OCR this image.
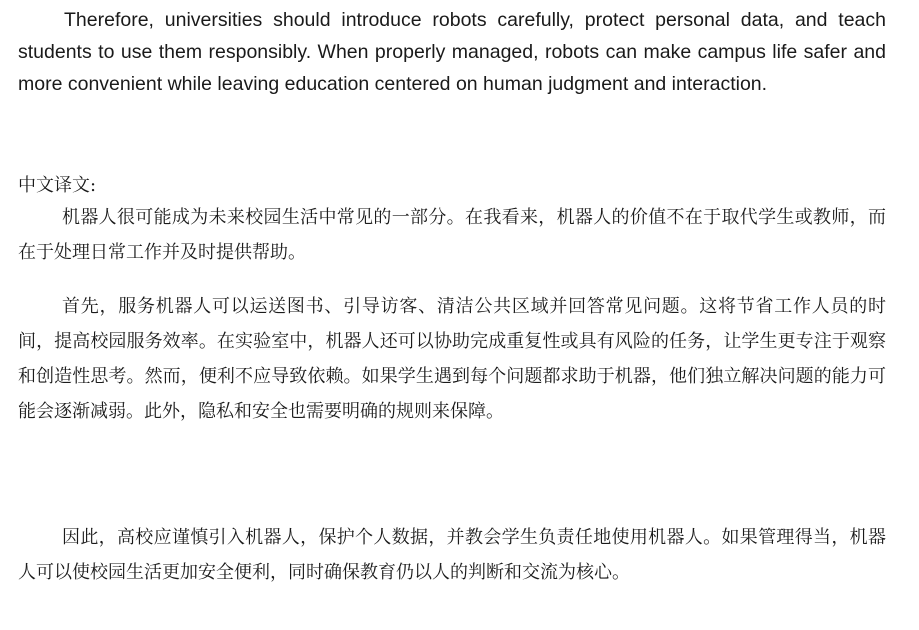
Therefore, universities should introduce robots carefully, protect personal data, and teach students to use them responsibly. When properly managed, robots can make campus life safer and more convenient while leaving education centered on human judgment and interaction.

中文译文:

机器人很可能成为未来校园生活中常见的一部分。在我看来，机器人的价值不在于取代学生或教师，而在于处理日常工作并及时提供帮助。

首先，服务机器人可以运送图书、引导访客、清洁公共区域并回答常见问题。这将节省工作人员的时间，提高校园服务效率。在实验室中，机器人还可以协助完成重复性或具有风险的任务，让学生更专注于观察和创造性思考。然而，便利不应导致依赖。如果学生遇到每个问题都求助于机器，他们独立解决问题的能力可能会逐渐减弱。此外，隐私和安全也需要明确的规则来保障。

因此，高校应谨慎引入机器人，保护个人数据，并教会学生负责任地使用机器人。如果管理得当，机器人可以使校园生活更加安全便利，同时确保教育仍以人的判断和交流为核心。
